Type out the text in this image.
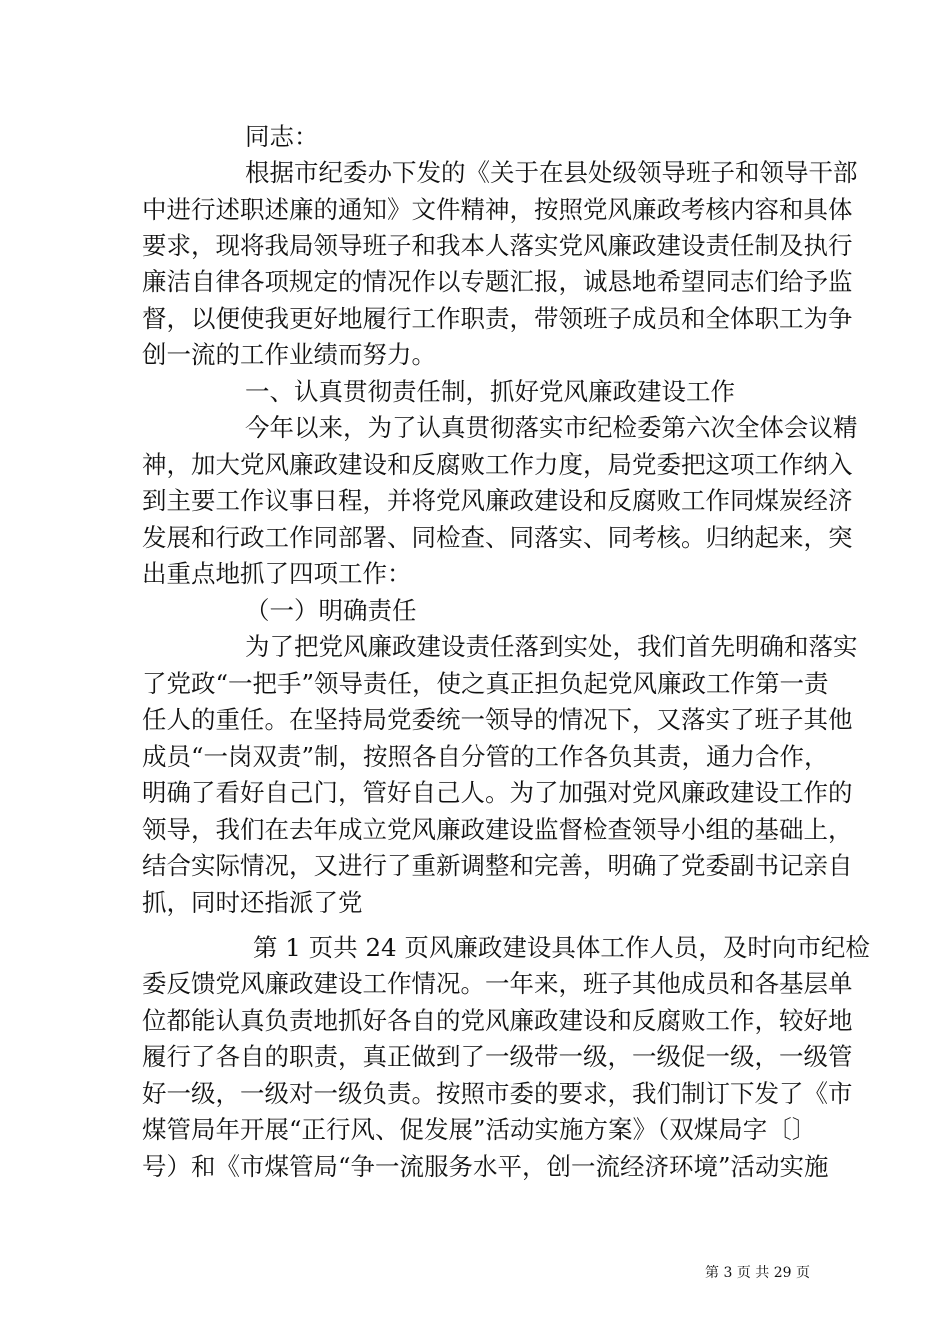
同志：
根据市纪委办下发的《关于在县处级领导班子和领导干部
中进行述职述廉的通知》文件精神，按照党风廉政考核内容和具体
要求，现将我局领导班子和我本人落实党风廉政建设责任制及执行
廉洁自律各项规定的情况作以专题汇报，诚恳地希望同志们给予监
督，以便使我更好地履行工作职责，带领班子成员和全体职工为争
创一流的工作业绩而努力。
一、认真贯彻责任制，抓好党风廉政建设工作
今年以来，为了认真贯彻落实市纪检委第六次全体会议精
神，加大党风廉政建设和反腐败工作力度，局党委把这项工作纳入
到主要工作议事日程，并将党风廉政建设和反腐败工作同煤炭经济
发展和行政工作同部署、同检查、同落实、同考核。归纳起来，突
出重点地抓了四项工作：
（一）明确责任
为了把党风廉政建设责任落到实处，我们首先明确和落实
了党政“一把手”领导责任，使之真正担负起党风廉政工作第一责
任人的重任。在坚持局党委统一领导的情况下，又落实了班子其他
成员“一岗双责”制，按照各自分管的工作各负其责，通力合作，
明确了看好自己门，管好自己人。为了加强对党风廉政建设工作的
领导，我们在去年成立党风廉政建设监督检查领导小组的基础上，
结合实际情况，又进行了重新调整和完善，明确了党委副书记亲自
抓，同时还指派了党
第 1 页共 24 页风廉政建设具体工作人员，及时向市纪检
委反馈党风廉政建设工作情况。一年来，班子其他成员和各基层单
位都能认真负责地抓好各自的党风廉政建设和反腐败工作，较好地
履行了各自的职责，真正做到了一级带一级，一级促一级，一级管
好一级，一级对一级负责。按照市委的要求，我们制订下发了《市
煤管局年开展“正行风、促发展”活动实施方案》（双煤局字〔〕
号）和《市煤管局“争一流服务水平，创一流经济环境”活动实施
第 3 页 共 29 页
